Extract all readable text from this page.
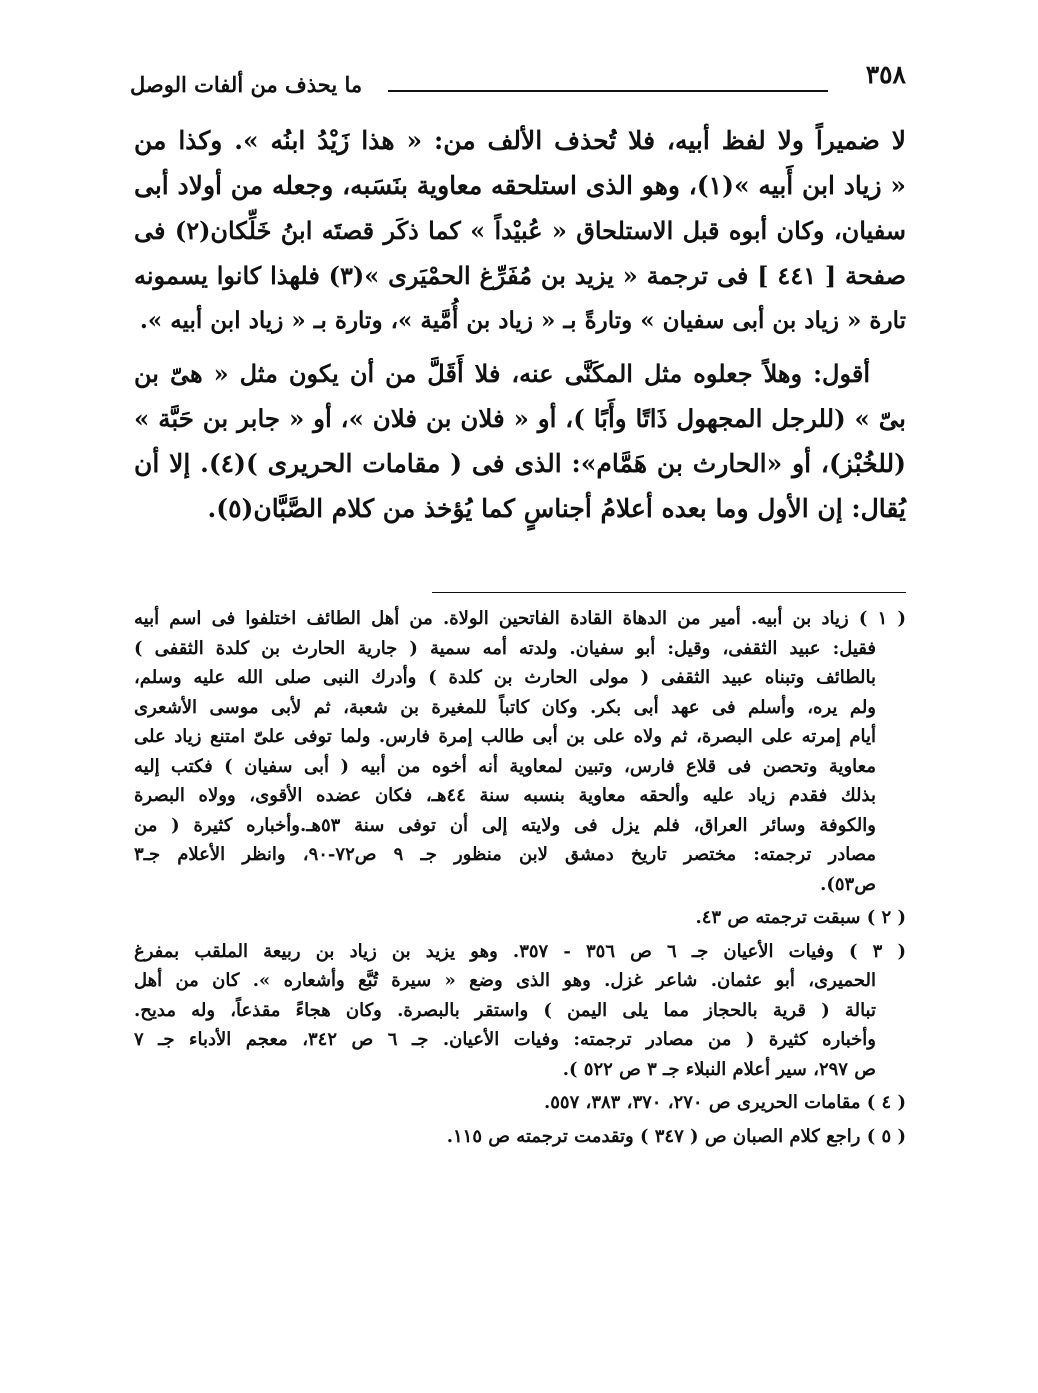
٣٥٨
ما يحذف من ألفات الوصل
لا ضميراً ولا لفظ أبيه، فلا تُحذف الألف من: « هذا زَيْدُ ابنُه ». وكذا من
« زياد ابن أَبيه »(١)، وهو الذى استلحقه معاوية بنَسَبه، وجعله من أولاد أبى
سفيان، وكان أبوه قبل الاستلحاق « عُبيْداً » كما ذكَر قصتَه ابنُ خَلِّكان(٢) فى
صفحة [ ٤٤١ ] فى ترجمة « يزيد بن مُفَرِّغ الحمْيَرى »(٣) فلهذا كانوا يسمونه
تارة « زياد بن أبى سفيان » وتارةً بـ « زياد بن أُمَّية »، وتارة بـ « زياد ابن أبيه ».
أقول: وهلاً جعلوه مثل المكَنَّى عنه، فلا أَقَلَّ من أن يكون مثل « هىّ بن
بىّ » (للرجل المجهول ذَاتًا وأَبًا )، أو « فلان بن فلان »، أو « جابر بن حَبَّة »
(للخُبْز)، أو «الحارث بن هَمَّام»: الذى فى ( مقامات الحريرى )(٤). إلا أن
يُقال: إن الأول وما بعده أعلامُ أجناسٍ كما يُؤخذ من كلام الصَّبَّان(٥).
( ١ ) زياد بن أبيه. أمير من الدهاة القادة الفاتحين الولاة. من أهل الطائف اختلفوا فى اسم أبيه
فقيل: عبيد الثقفى، وقيل: أبو سفيان. ولدته أمه سمية ( جارية الحارث بن كلدة الثقفى )
بالطائف وتبناه عبيد الثقفى ( مولى الحارث بن كلدة ) وأدرك النبى صلى الله عليه وسلم،
ولم يره، وأسلم فى عهد أبى بكر. وكان كاتباً للمغيرة بن شعبة، ثم لأبى موسى الأشعرى
أيام إمرته على البصرة، ثم ولاه على بن أبى طالب إمرة فارس. ولما توفى علىّ امتنع زياد على
معاوية وتحصن فى قلاع فارس، وتبين لمعاوية أنه أخوه من أبيه ( أبى سفيان ) فكتب إليه
بذلك فقدم زياد عليه وألحقه معاوية بنسبه سنة ٤٤هـ، فكان عضده الأقوى، وولاه البصرة
والكوفة وسائر العراق، فلم يزل فى ولايته إلى أن توفى سنة ٥٣هـ.وأخباره كثيرة ( من
مصادر ترجمته: مختصر تاريخ دمشق لابن منظور جـ ٩ ص٧٢-٩٠، وانظر الأعلام جـ٣
ص٥٣).
( ٢ ) سبقت ترجمته ص ٤٣.
( ٣ ) وفيات الأعيان جـ ٦ ص ٣٥٦ - ٣٥٧. وهو يزيد بن زياد بن ربيعة الملقب بمفرغ
الحميرى، أبو عثمان. شاعر غزل. وهو الذى وضع « سيرة تُبَّع وأشعاره ». كان من أهل
تبالة ( قرية بالحجاز مما يلى اليمن ) واستقر بالبصرة. وكان هجاءً مقذعاً، وله مديح.
وأخباره كثيرة ( من مصادر ترجمته: وفيات الأعيان. جـ ٦ ص ٣٤٢، معجم الأدباء جـ ٧
ص ٢٩٧، سير أعلام النبلاء جـ ٣ ص ٥٢٢ ).
( ٤ ) مقامات الحريرى ص ٢٧٠، ٣٧٠، ٣٨٣، ٥٥٧.
( ٥ ) راجع كلام الصبان ص ( ٣٤٧ ) وتقدمت ترجمته ص ١١٥.
